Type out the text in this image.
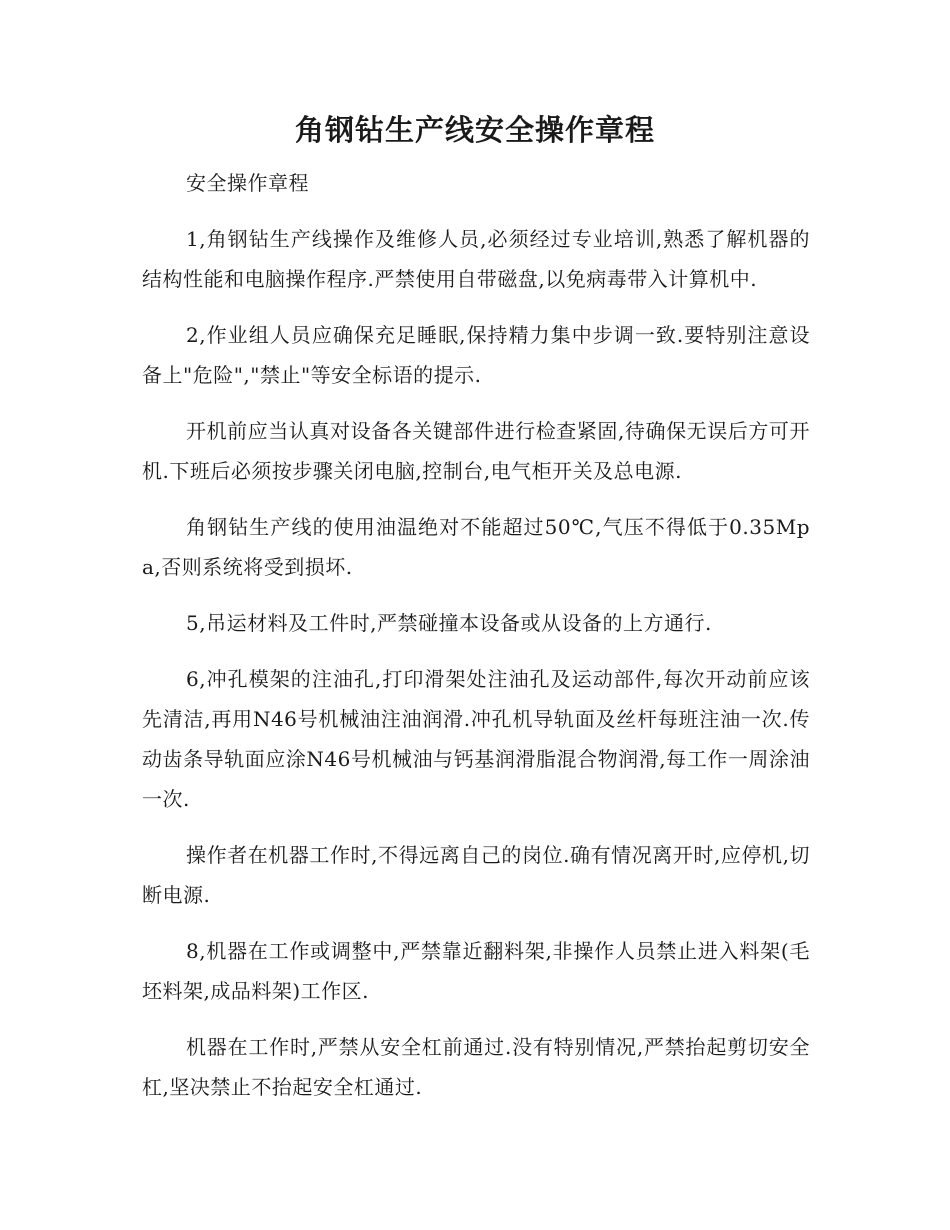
角钢钻生产线安全操作章程

安全操作章程

1,角钢钻生产线操作及维修人员,必须经过专业培训,熟悉了解机器的结构性能和电脑操作程序.严禁使用自带磁盘,以免病毒带入计算机中.

2,作业组人员应确保充足睡眠,保持精力集中步调一致.要特别注意设备上"危险","禁止"等安全标语的提示.

开机前应当认真对设备各关键部件进行检查紧固,待确保无误后方可开机.下班后必须按步骤关闭电脑,控制台,电气柜开关及总电源.

角钢钻生产线的使用油温绝对不能超过50℃,气压不得低于0.35Mpa,否则系统将受到损坏.

5,吊运材料及工件时,严禁碰撞本设备或从设备的上方通行.

6,冲孔模架的注油孔,打印滑架处注油孔及运动部件,每次开动前应该先清洁,再用N46号机械油注油润滑.冲孔机导轨面及丝杆每班注油一次.传动齿条导轨面应涂N46号机械油与钙基润滑脂混合物润滑,每工作一周涂油一次.

操作者在机器工作时,不得远离自己的岗位.确有情况离开时,应停机,切断电源.

8,机器在工作或调整中,严禁靠近翻料架,非操作人员禁止进入料架(毛坯料架,成品料架)工作区.

机器在工作时,严禁从安全杠前通过.没有特别情况,严禁抬起剪切安全杠,坚决禁止不抬起安全杠通过.
